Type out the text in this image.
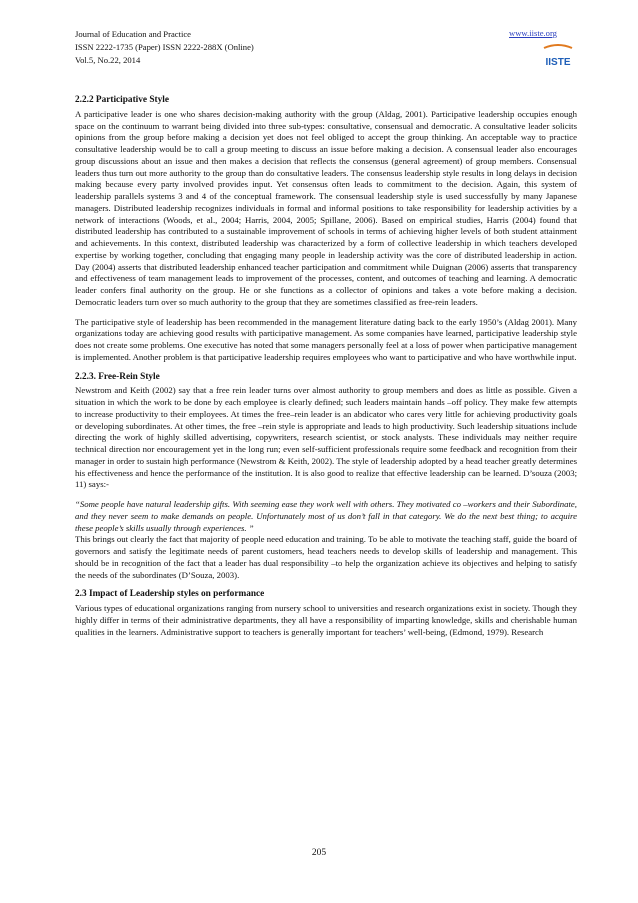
Journal of Education and Practice
ISSN 2222-1735 (Paper) ISSN 2222-288X (Online)
Vol.5, No.22, 2014
www.iiste.org
IISTE
2.2.2 Participative Style

A participative leader is one who shares decision-making authority with the group (Aldag, 2001). Participative leadership occupies enough space on the continuum to warrant being divided into three sub-types: consultative, consensual and democratic. A consultative leader solicits opinions from the group before making a decision yet does not feel obliged to accept the group thinking. An acceptable way to practice consultative leadership would be to call a group meeting to discuss an issue before making a decision. A consensual leader also encourages group discussions about an issue and then makes a decision that reflects the consensus (general agreement) of group members. Consensual leaders thus turn out more authority to the group than do consultative leaders. The consensus leadership style results in long delays in decision making because every party involved provides input. Yet consensus often leads to commitment to the decision. Again, this system of leadership parallels systems 3 and 4 of the conceptual framework. The consensual leadership style is used successfully by many Japanese managers. Distributed leadership recognizes individuals in formal and informal positions to take responsibility for leadership activities by a network of interactions (Woods, et al., 2004; Harris, 2004, 2005; Spillane, 2006). Based on empirical studies, Harris (2004) found that distributed leadership has contributed to a sustainable improvement of schools in terms of achieving higher levels of both student attainment and achievements. In this context, distributed leadership was characterized by a form of collective leadership in which teachers developed expertise by working together, concluding that engaging many people in leadership activity was the core of distributed leadership in action. Day (2004) asserts that distributed leadership enhanced teacher participation and commitment while Duignan (2006) asserts that transparency and effectiveness of team management leads to improvement of the processes, content, and outcomes of teaching and learning. A democratic leader confers final authority on the group. He or she functions as a collector of opinions and takes a vote before making a decision. Democratic leaders turn over so much authority to the group that they are sometimes classified as free-rein leaders.

The participative style of leadership has been recommended in the management literature dating back to the early 1950’s (Aldag 2001). Many organizations today are achieving good results with participative management. As some companies have learned, participative leadership style does not create some problems. One executive has noted that some managers personally feel at a loss of power when participative management is implemented. Another problem is that participative leadership requires employees who want to participative and who have worthwhile input.

2.2.3. Free-Rein Style

Newstrom and Keith (2002) say that a free rein leader turns over almost authority to group members and does as little as possible. Given a situation in which the work to be done by each employee is clearly defined; such leaders maintain hands –off policy. They make few attempts to increase productivity to their employees. At times the free–rein leader is an abdicator who cares very little for achieving productivity goals or developing subordinates. At other times, the free –rein style is appropriate and leads to high productivity. Such leadership situations include directing the work of highly skilled advertising, copywriters, research scientist, or stock analysts. These individuals may neither require technical direction nor encouragement yet in the long run; even self-sufficient professionals require some feedback and recognition from their manager in order to sustain high performance (Newstrom & Keith, 2002). The style of leadership adopted by a head teacher greatly determines his effectiveness and hence the performance of the institution. It is also good to realize that effective leadership can be learned. D’souza (2003; 11) says:-

“Some people have natural leadership gifts. With seeming ease they work well with others. They motivated co –workers and their Subordinate, and they never seem to make demands on people. Unfortunately most of us don’t fall in that category. We do the next best thing; to acquire these people’s skills usually through experiences. ”

This brings out clearly the fact that majority of people need education and training. To be able to motivate the teaching staff, guide the board of governors and satisfy the legitimate needs of parent customers, head teachers needs to develop skills of leadership and management. This should be in recognition of the fact that a leader has dual responsibility –to help the organization achieve its objectives and helping to satisfy the needs of the subordinates (D’Souza, 2003).

2.3 Impact of Leadership styles on performance

Various types of educational organizations ranging from nursery school to universities and research organizations exist in society. Though they highly differ in terms of their administrative departments, they all have a responsibility of imparting knowledge, skills and cherishable human qualities in the learners. Administrative support to teachers is generally important for teachers’ well-being, (Edmond, 1979). Research

205
